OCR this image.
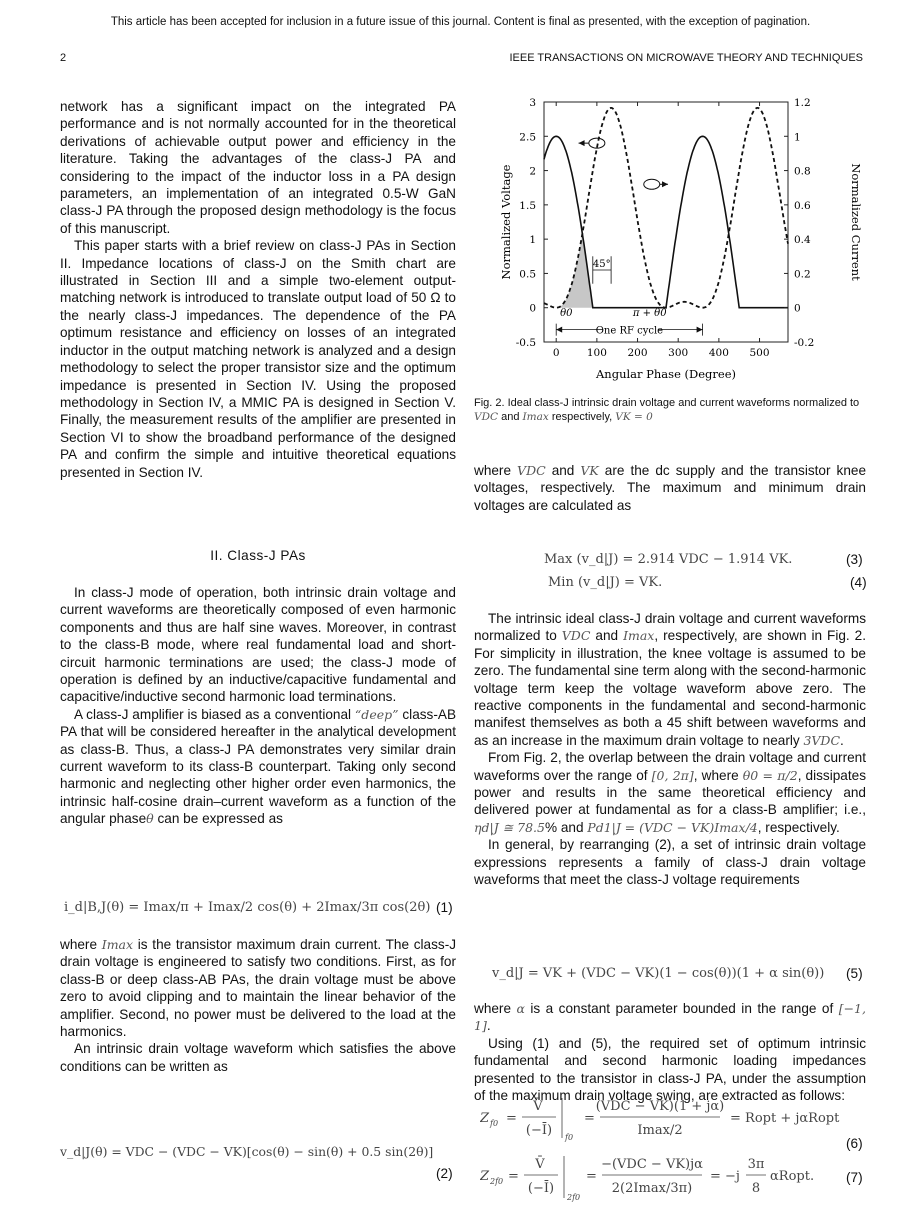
This article has been accepted for inclusion in a future issue of this journal. Content is final as presented, with the exception of pagination.
2	IEEE TRANSACTIONS ON MICROWAVE THEORY AND TECHNIQUES

network has a significant impact on the integrated PA performance and is not normally accounted for in the theoretical derivations of achievable output power and efficiency in the literature. Taking the advantages of the class-J PA and considering to the impact of the inductor loss in a PA design parameters, an implementation of an integrated 0.5-W GaN class-J PA through the proposed design methodology is the focus of this manuscript.

This paper starts with a brief review on class-J PAs in Section II. Impedance locations of class-J on the Smith chart are illustrated in Section III and a simple two-element output-matching network is introduced to translate output load of 50 Ω to the nearly class-J impedances. The dependence of the PA optimum resistance and efficiency on losses of an integrated inductor in the output matching network is analyzed and a design methodology to select the proper transistor size and the optimum impedance is presented in Section IV. Using the proposed methodology in Section IV, a MMIC PA is designed in Section V. Finally, the measurement results of the amplifier are presented in Section VI to show the broadband performance of the designed PA and confirm the simple and intuitive theoretical equations presented in Section IV.

II. Class-J PAs

In class-J mode of operation, both intrinsic drain voltage and current waveforms are theoretically composed of even harmonic components and thus are half sine waves. Moreover, in contrast to the class-B mode, where real fundamental load and short-circuit harmonic terminations are used; the class-J mode of operation is defined by an inductive/capacitive fundamental and capacitive/inductive second harmonic load terminations.

A class-J amplifier is biased as a conventional “deep” class-AB PA that will be considered hereafter in the analytical development as class-B. Thus, a class-J PA demonstrates very similar drain current waveform to its class-B counterpart. Taking only second harmonic and neglecting other higher order even harmonics, the intrinsic half-cosine drain–current waveform as a function of the angular phaseθ can be expressed as

i_d|B,J(θ) = Imax/π + Imax/2 cos(θ) + 2Imax/3π cos(2θ) (1)

where Imax is the transistor maximum drain current. The class-J drain voltage is engineered to satisfy two conditions. First, as for class-B or deep class-AB PAs, the drain voltage must be above zero to avoid clipping and to maintain the linear behavior of the amplifier. Second, no power must be delivered to the load at the harmonics.

An intrinsic drain voltage waveform which satisfies the above conditions can be written as

v_d|J(θ) = VDC − (VDC − VK)[cos(θ) − sin(θ) + 0.5 sin(2θ)]
(2)
45°
θ0	π + θ0
One RF cycle
0	100 200 300 400 500
-0.5
0
0.5
1
1.5
2
2.5
3
-0.2
0
0.2
0.4
0.6
0.8
1
1.2
Angular Phase (Degree)
Normalized Voltage	Normalized Current
Fig. 2. Ideal class-J intrinsic drain voltage and current waveforms normalized to VDC and Imax respectively, VK = 0

where VDC and VK are the dc supply and the transistor knee voltages, respectively. The maximum and minimum drain voltages are calculated as

Max (v_d|J) = 2.914 VDC − 1.914 VK.	(3)
Min (v_d|J) = VK.	(4)

The intrinsic ideal class-J drain voltage and current waveforms normalized to VDC and Imax, respectively, are shown in Fig. 2. For simplicity in illustration, the knee voltage is assumed to be zero. The fundamental sine term along with the second-harmonic voltage term keep the voltage waveform above zero. The reactive components in the fundamental and second-harmonic manifest themselves as both a 45 shift between waveforms and as an increase in the maximum drain voltage to nearly 3VDC.

From Fig. 2, the overlap between the drain voltage and current waveforms over the range of [0, 2π], where θ0 = π/2, dissipates power and results in the same theoretical efficiency and delivered power at fundamental as for a class-B amplifier; i.e., ηd|J ≅ 78.5% and Pd1|J = (VDC − VK)Imax/4, respectively.

In general, by rearranging (2), a set of intrinsic drain voltage expressions represents a family of class-J drain voltage waveforms that meet the class-J voltage requirements

v_d|J = VK + (VDC − VK)(1 − cos(θ))(1 + α sin(θ)) (5)

where α is a constant parameter bounded in the range of [−1, 1].

Using (1) and (5), the required set of optimum intrinsic fundamental and second harmonic loading impedances presented to the transistor in class-J PA, under the assumption of the maximum drain voltage swing, are extracted as follows:

Z f0 =
V̄
(−Ī) f0
=
(VDC − VK)(1 + jα)
Imax/2
= Ropt + jαRopt
(6)
Z 2f0 =
V̄
(−Ī)
2f0
=
−(VDC − VK)jα
2(2Imax/3π)
= −j
3π
8
αRopt. (7)
